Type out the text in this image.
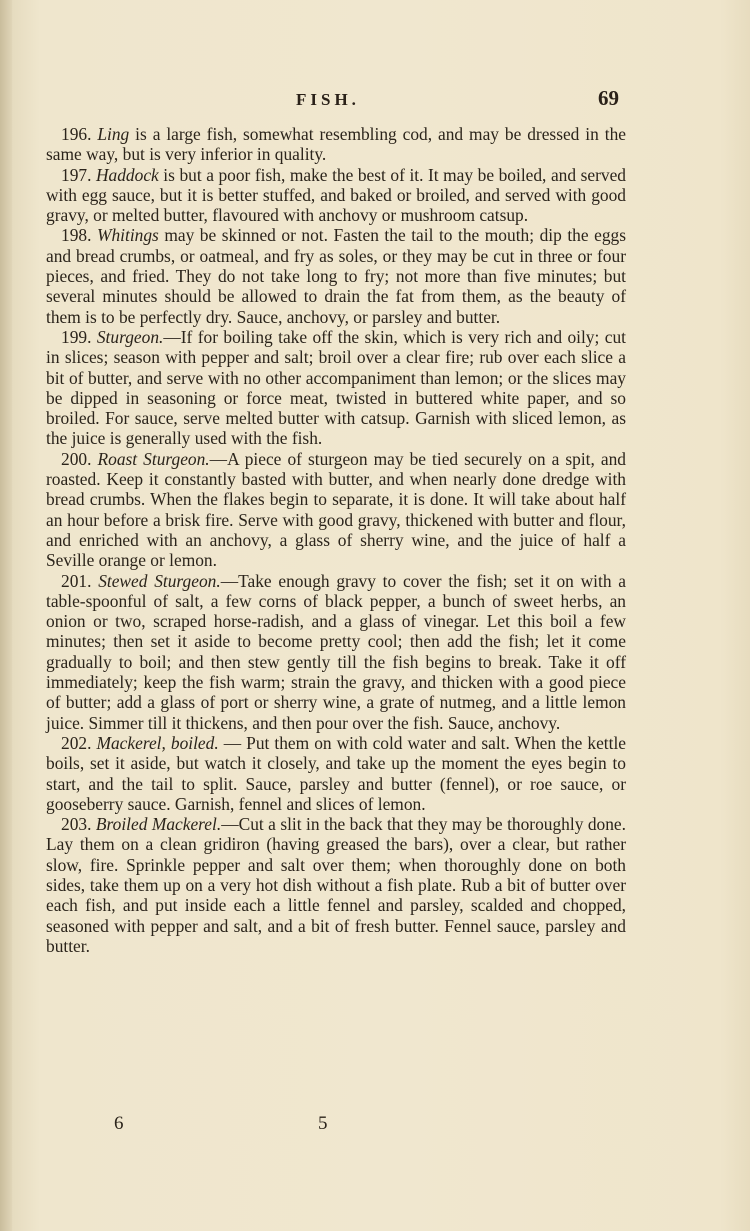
FISH.	69

196. Ling is a large fish, somewhat resembling cod, and may be dressed in the same way, but is very inferior in quality.

197. Haddock is but a poor fish, make the best of it. It may be boiled, and served with egg sauce, but it is better stuffed, and baked or broiled, and served with good gravy, or melted butter, flavoured with anchovy or mushroom catsup.

198. Whitings may be skinned or not. Fasten the tail to the mouth; dip the eggs and bread crumbs, or oatmeal, and fry as soles, or they may be cut in three or four pieces, and fried. They do not take long to fry; not more than five minutes; but several minutes should be allowed to drain the fat from them, as the beauty of them is to be perfectly dry. Sauce, anchovy, or parsley and butter.

199. Sturgeon.—If for boiling take off the skin, which is very rich and oily; cut in slices; season with pepper and salt; broil over a clear fire; rub over each slice a bit of butter, and serve with no other accompaniment than lemon; or the slices may be dipped in seasoning or force meat, twisted in buttered white paper, and so broiled. For sauce, serve melted butter with catsup. Garnish with sliced lemon, as the juice is generally used with the fish.

200. Roast Sturgeon.—A piece of sturgeon may be tied securely on a spit, and roasted. Keep it constantly basted with butter, and when nearly done dredge with bread crumbs. When the flakes begin to separate, it is done. It will take about half an hour before a brisk fire. Serve with good gravy, thickened with butter and flour, and enriched with an anchovy, a glass of sherry wine, and the juice of half a Seville orange or lemon.

201. Stewed Sturgeon.—Take enough gravy to cover the fish; set it on with a table-spoonful of salt, a few corns of black pepper, a bunch of sweet herbs, an onion or two, scraped horse-radish, and a glass of vinegar. Let this boil a few minutes; then set it aside to become pretty cool; then add the fish; let it come gradually to boil; and then stew gently till the fish begins to break. Take it off immediately; keep the fish warm; strain the gravy, and thicken with a good piece of butter; add a glass of port or sherry wine, a grate of nutmeg, and a little lemon juice. Simmer till it thickens, and then pour over the fish. Sauce, anchovy.

202. Mackerel, boiled. — Put them on with cold water and salt. When the kettle boils, set it aside, but watch it closely, and take up the moment the eyes begin to start, and the tail to split. Sauce, parsley and butter (fennel), or roe sauce, or gooseberry sauce. Garnish, fennel and slices of lemon.

203. Broiled Mackerel.—Cut a slit in the back that they may be thoroughly done. Lay them on a clean gridiron (having greased the bars), over a clear, but rather slow, fire. Sprinkle pepper and salt over them; when thoroughly done on both sides, take them up on a very hot dish without a fish plate. Rub a bit of butter over each fish, and put inside each a little fennel and parsley, scalded and chopped, seasoned with pepper and salt, and a bit of fresh butter. Fennel sauce, parsley and butter.

6	5
